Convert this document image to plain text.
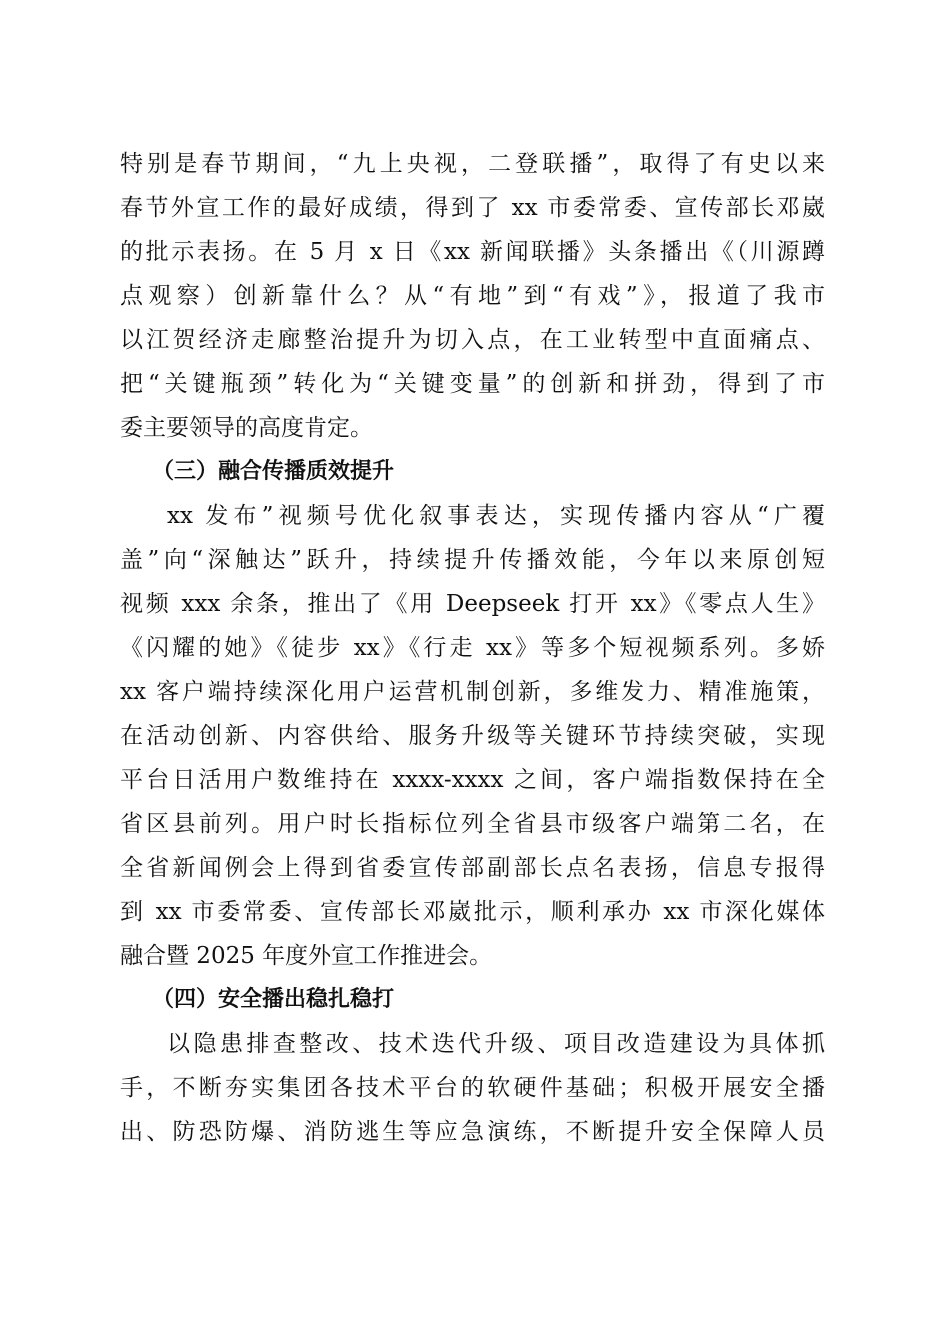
特别是春节期间，“九上央视，二登联播”，取得了有史以来
春节外宣工作的最好成绩，得到了 xx 市委常委、宣传部长邓崴
的批示表扬。在 5 月 x 日《xx 新闻联播》头条播出《（川源蹲
点观察）创新靠什么？从“有地”到“有戏”》，报道了我市
以江贺经济走廊整治提升为切入点，在工业转型中直面痛点、
把“关键瓶颈”转化为“关键变量”的创新和拼劲，得到了市
委主要领导的高度肯定。
（三）融合传播质效提升
xx 发布”视频号优化叙事表达，实现传播内容从“广覆
盖”向“深触达”跃升，持续提升传播效能，今年以来原创短
视频 xxx 余条，推出了《用 Deepseek 打开 xx》《零点人生》
《闪耀的她》《徒步 xx》《行走 xx》等多个短视频系列。多娇
xx 客户端持续深化用户运营机制创新，多维发力、精准施策，
在活动创新、内容供给、服务升级等关键环节持续突破，实现
平台日活用户数维持在 xxxx-xxxx 之间，客户端指数保持在全
省区县前列。用户时长指标位列全省县市级客户端第二名，在
全省新闻例会上得到省委宣传部副部长点名表扬，信息专报得
到 xx 市委常委、宣传部长邓崴批示，顺利承办 xx 市深化媒体
融合暨 2025 年度外宣工作推进会。
（四）安全播出稳扎稳打
以隐患排查整改、技术迭代升级、项目改造建设为具体抓
手，不断夯实集团各技术平台的软硬件基础；积极开展安全播
出、防恐防爆、消防逃生等应急演练，不断提升安全保障人员
